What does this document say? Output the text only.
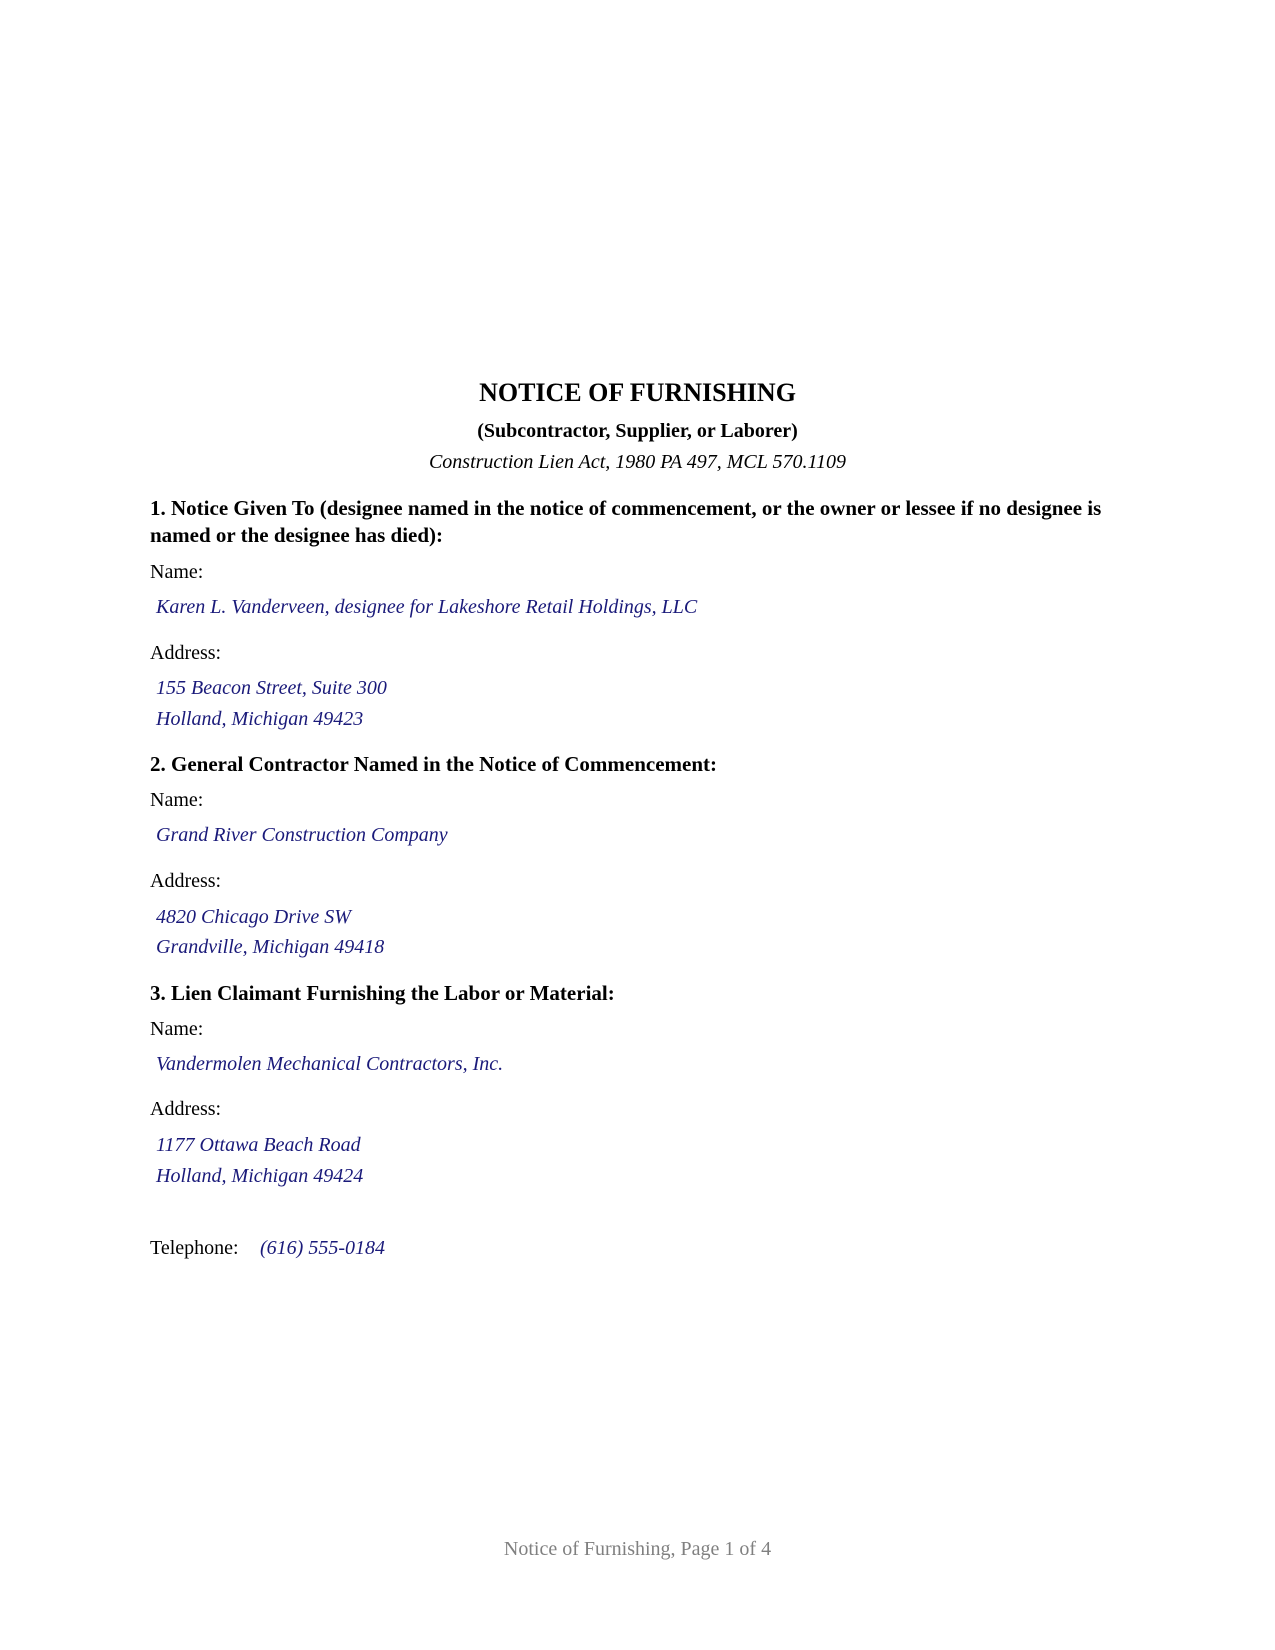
NOTICE OF FURNISHING
(Subcontractor, Supplier, or Laborer)
Construction Lien Act, 1980 PA 497, MCL 570.1109
1. Notice Given To (designee named in the notice of commencement, or the owner or lessee if no designee is named or the designee has died):
Name:
Karen L. Vanderveen, designee for Lakeshore Retail Holdings, LLC
Address:
155 Beacon Street, Suite 300
Holland, Michigan 49423
2. General Contractor Named in the Notice of Commencement:
Name:
Grand River Construction Company
Address:
4820 Chicago Drive SW
Grandville, Michigan 49418
3. Lien Claimant Furnishing the Labor or Material:
Name:
Vandermolen Mechanical Contractors, Inc.
Address:
1177 Ottawa Beach Road
Holland, Michigan 49424
Telephone: (616) 555-0184
Notice of Furnishing, Page 1 of 4
